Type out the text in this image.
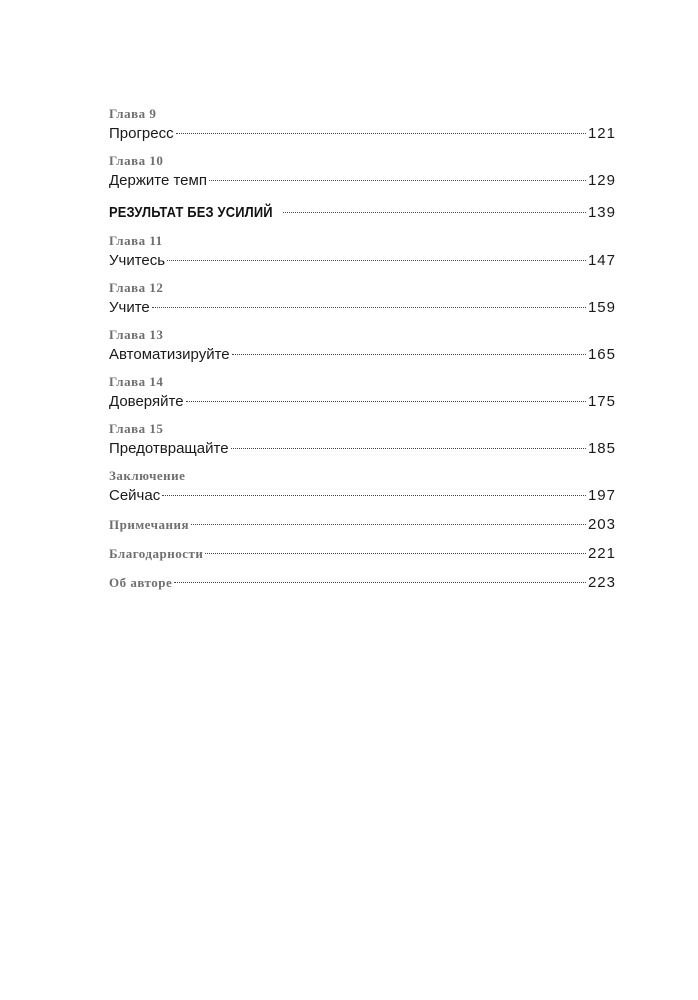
Глава 9
Прогресс	121
Глава 10
Держите темп	129
РЕЗУЛЬТАТ БЕЗ УСИЛИЙ	139
Глава 11
Учитесь	147
Глава 12
Учите	159
Глава 13
Автоматизируйте	165
Глава 14
Доверяйте	175
Глава 15
Предотвращайте	185
Заключение
Сейчас	197
Примечания	203
Благодарности	221
Об авторе	223
